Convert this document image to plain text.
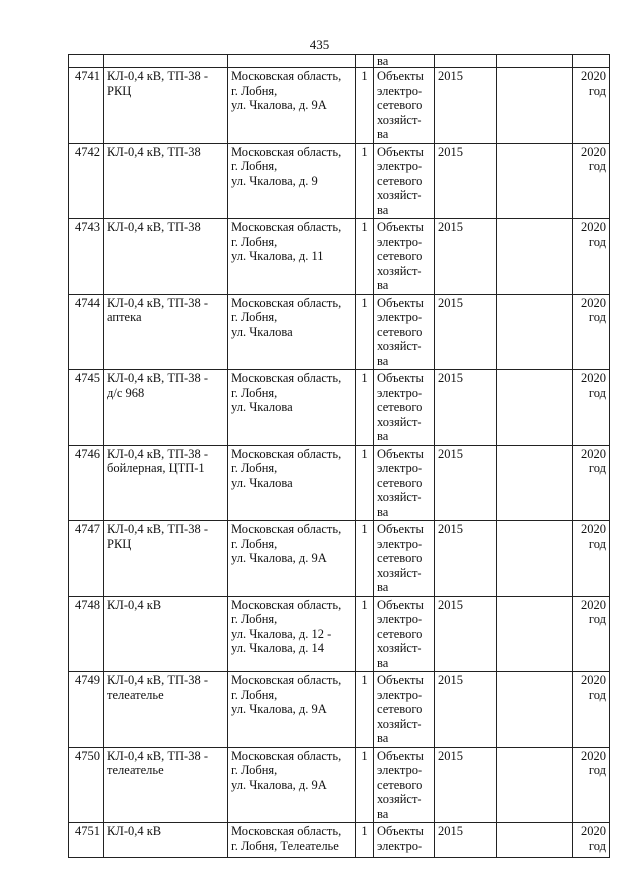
435
				ва			

4741	КЛ-0,4 кВ, ТП-38 -
РКЦ	Московская область,
г. Лобня,
ул. Чкалова, д. 9А	1	Объекты
электро-
сетевого
хозяйст-
ва	2015		2020
год

4742	КЛ-0,4 кВ, ТП-38	Московская область,
г. Лобня,
ул. Чкалова, д. 9	1	Объекты
электро-
сетевого
хозяйст-
ва	2015		2020
год

4743	КЛ-0,4 кВ, ТП-38	Московская область,
г. Лобня,
ул. Чкалова, д. 11	1	Объекты
электро-
сетевого
хозяйст-
ва	2015		2020
год

4744	КЛ-0,4 кВ, ТП-38 -
аптека	Московская область,
г. Лобня,
ул. Чкалова	1	Объекты
электро-
сетевого
хозяйст-
ва	2015		2020
год

4745	КЛ-0,4 кВ, ТП-38 -
д/с 968	Московская область,
г. Лобня,
ул. Чкалова	1	Объекты
электро-
сетевого
хозяйст-
ва	2015		2020
год

4746	КЛ-0,4 кВ, ТП-38 -
бойлерная, ЦТП-1	Московская область,
г. Лобня,
ул. Чкалова	1	Объекты
электро-
сетевого
хозяйст-
ва	2015		2020
год

4747	КЛ-0,4 кВ, ТП-38 -
РКЦ	Московская область,
г. Лобня,
ул. Чкалова, д. 9А	1	Объекты
электро-
сетевого
хозяйст-
ва	2015		2020
год

4748	КЛ-0,4 кВ	Московская область,
г. Лобня,
ул. Чкалова, д. 12 -
ул. Чкалова, д. 14	1	Объекты
электро-
сетевого
хозяйст-
ва	2015		2020
год

4749	КЛ-0,4 кВ, ТП-38 -
телеателье	Московская область,
г. Лобня,
ул. Чкалова, д. 9А	1	Объекты
электро-
сетевого
хозяйст-
ва	2015		2020
год

4750	КЛ-0,4 кВ, ТП-38 -
телеателье	Московская область,
г. Лобня,
ул. Чкалова, д. 9А	1	Объекты
электро-
сетевого
хозяйст-
ва	2015		2020
год

4751	КЛ-0,4 кВ	Московская область,
г. Лобня, Телеателье	1	Объекты
электро-	2015		2020
год
